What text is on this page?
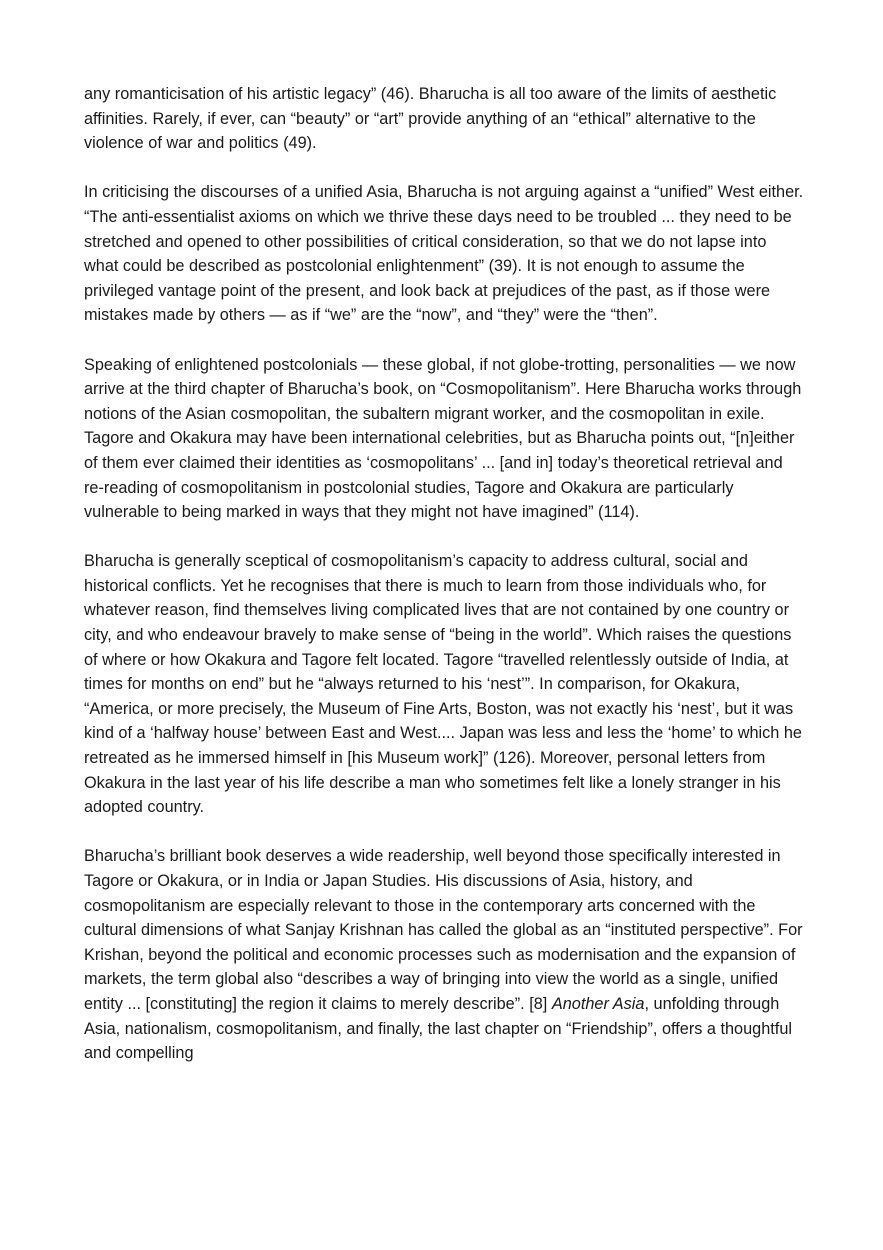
any romanticisation of his artistic legacy” (46). Bharucha is all too aware of the limits of aesthetic affinities. Rarely, if ever, can “beauty” or “art” provide anything of an “ethical” alternative to the violence of war and politics (49).

In criticising the discourses of a unified Asia, Bharucha is not arguing against a “unified” West either. “The anti-essentialist axioms on which we thrive these days need to be troubled ... they need to be stretched and opened to other possibilities of critical consideration, so that we do not lapse into what could be described as postcolonial enlightenment” (39). It is not enough to assume the privileged vantage point of the present, and look back at prejudices of the past, as if those were mistakes made by others — as if “we” are the “now”, and “they” were the “then”.

Speaking of enlightened postcolonials — these global, if not globe-trotting, personalities — we now arrive at the third chapter of Bharucha’s book, on “Cosmopolitanism”. Here Bharucha works through notions of the Asian cosmopolitan, the subaltern migrant worker, and the cosmopolitan in exile. Tagore and Okakura may have been international celebrities, but as Bharucha points out, “[n]either of them ever claimed their identities as ‘cosmopolitans’ ... [and in] today’s theoretical retrieval and re-reading of cosmopolitanism in postcolonial studies, Tagore and Okakura are particularly vulnerable to being marked in ways that they might not have imagined” (114).

Bharucha is generally sceptical of cosmopolitanism’s capacity to address cultural, social and historical conflicts. Yet he recognises that there is much to learn from those individuals who, for whatever reason, find themselves living complicated lives that are not contained by one country or city, and who endeavour bravely to make sense of “being in the world”. Which raises the questions of where or how Okakura and Tagore felt located. Tagore “travelled relentlessly outside of India, at times for months on end” but he “always returned to his ‘nest’”. In comparison, for Okakura, “America, or more precisely, the Museum of Fine Arts, Boston, was not exactly his ‘nest’, but it was kind of a ‘halfway house’ between East and West.... Japan was less and less the ‘home’ to which he retreated as he immersed himself in [his Museum work]” (126). Moreover, personal letters from Okakura in the last year of his life describe a man who sometimes felt like a lonely stranger in his adopted country.

Bharucha’s brilliant book deserves a wide readership, well beyond those specifically interested in Tagore or Okakura, or in India or Japan Studies. His discussions of Asia, history, and cosmopolitanism are especially relevant to those in the contemporary arts concerned with the cultural dimensions of what Sanjay Krishnan has called the global as an “instituted perspective”. For Krishan, beyond the political and economic processes such as modernisation and the expansion of markets, the term global also “describes a way of bringing into view the world as a single, unified entity ... [constituting] the region it claims to merely describe”. [8] Another Asia, unfolding through Asia, nationalism, cosmopolitanism, and finally, the last chapter on “Friendship”, offers a thoughtful and compelling
